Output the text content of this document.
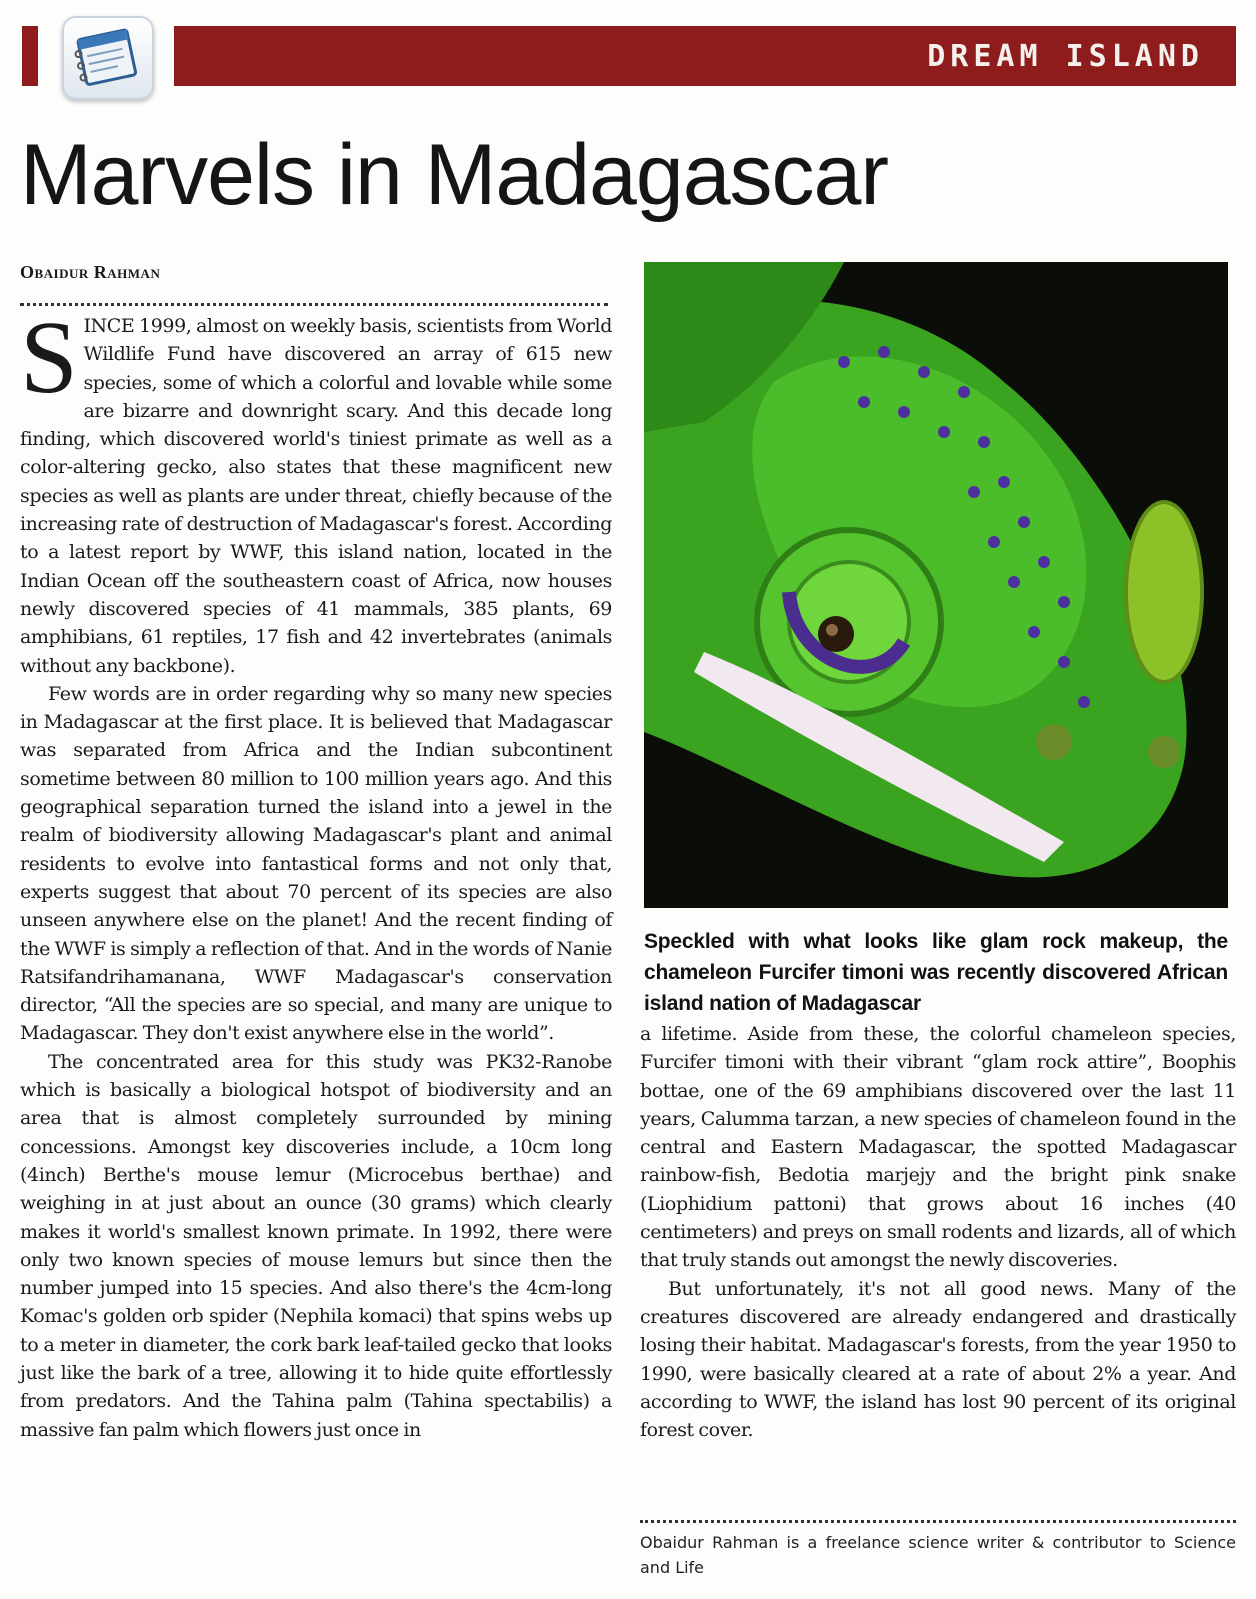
DREAM ISLAND
Marvels in Madagascar
Obaidur Rahman

SINCE 1999, almost on weekly basis, scientists from World Wildlife Fund have discovered an array of 615 new species, some of which a colorful and lovable while some are bizarre and downright scary. And this decade long finding, which discovered world's tiniest primate as well as a color-altering gecko, also states that these magnificent new species as well as plants are under threat, chiefly because of the increasing rate of destruction of Madagascar's forest. According to a latest report by WWF, this island nation, located in the Indian Ocean off the southeastern coast of Africa, now houses newly discovered species of 41 mammals, 385 plants, 69 amphibians, 61 reptiles, 17 fish and 42 invertebrates (animals without any backbone).

Few words are in order regarding why so many new species in Madagascar at the first place. It is believed that Madagascar was separated from Africa and the Indian subcontinent sometime between 80 million to 100 million years ago. And this geographical separation turned the island into a jewel in the realm of biodiversity allowing Madagascar's plant and animal residents to evolve into fantastical forms and not only that, experts suggest that about 70 percent of its species are also unseen anywhere else on the planet! And the recent finding of the WWF is simply a reflection of that. And in the words of Nanie Ratsifandrihamanana, WWF Madagascar's conservation director, “All the species are so special, and many are unique to Madagascar. They don't exist anywhere else in the world”.

The concentrated area for this study was PK32-Ranobe which is basically a biological hotspot of biodiversity and an area that is almost completely surrounded by mining concessions. Amongst key discoveries include, a 10cm long (4inch) Berthe's mouse lemur (Microcebus berthae) and weighing in at just about an ounce (30 grams) which clearly makes it world's smallest known primate. In 1992, there were only two known species of mouse lemurs but since then the number jumped into 15 species. And also there's the 4cm-long Komac's golden orb spider (Nephila komaci) that spins webs up to a meter in diameter, the cork bark leaf-tailed gecko that looks just like the bark of a tree, allowing it to hide quite effortlessly from predators. And the Tahina palm (Tahina spectabilis) a massive fan palm which flowers just once in

Speckled with what looks like glam rock makeup, the chameleon Furcifer timoni was recently discovered African island nation of Madagascar

a lifetime. Aside from these, the colorful chameleon species, Furcifer timoni with their vibrant “glam rock attire”, Boophis bottae, one of the 69 amphibians discovered over the last 11 years, Calumma tarzan, a new species of chameleon found in the central and Eastern Madagascar, the spotted Madagascar rainbow-fish, Bedotia marjejy and the bright pink snake (Liophidium pattoni) that grows about 16 inches (40 centimeters) and preys on small rodents and lizards, all of which that truly stands out amongst the newly discoveries.

But unfortunately, it's not all good news. Many of the creatures discovered are already endangered and drastically losing their habitat. Madagascar's forests, from the year 1950 to 1990, were basically cleared at a rate of about 2% a year. And according to WWF, the island has lost 90 percent of its original forest cover.

Obaidur Rahman is a freelance science writer & contributor to Science and Life
